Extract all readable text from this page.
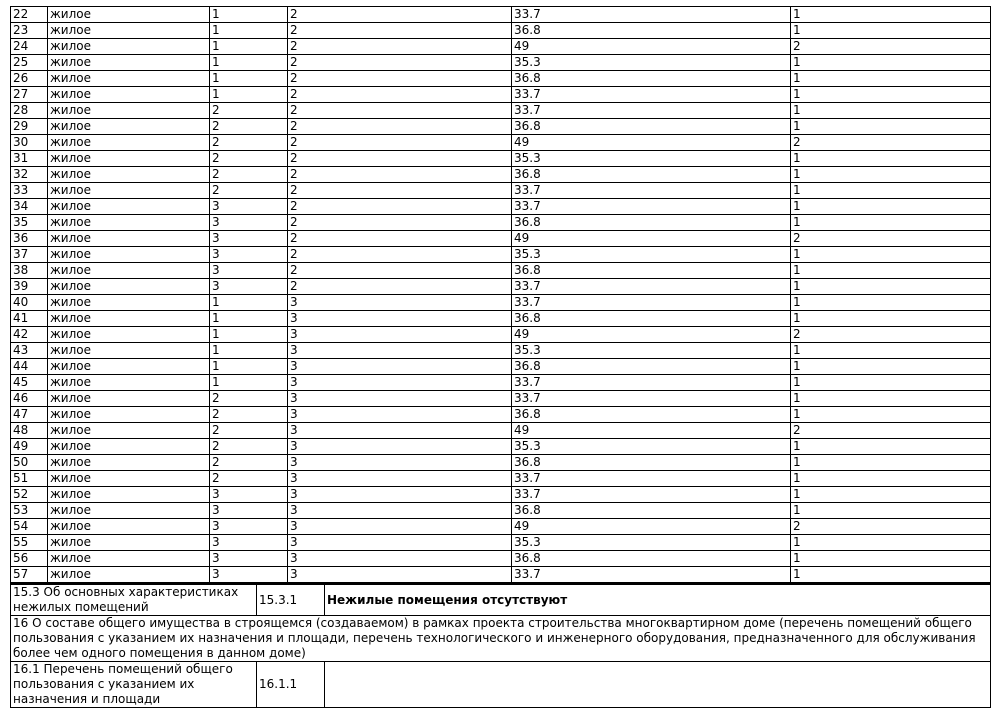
22	жилое	1	2	33.7	1
23	жилое	1	2	36.8	1
24	жилое	1	2	49	2
25	жилое	1	2	35.3	1
26	жилое	1	2	36.8	1
27	жилое	1	2	33.7	1
28	жилое	2	2	33.7	1
29	жилое	2	2	36.8	1
30	жилое	2	2	49	2
31	жилое	2	2	35.3	1
32	жилое	2	2	36.8	1
33	жилое	2	2	33.7	1
34	жилое	3	2	33.7	1
35	жилое	3	2	36.8	1
36	жилое	3	2	49	2
37	жилое	3	2	35.3	1
38	жилое	3	2	36.8	1
39	жилое	3	2	33.7	1
40	жилое	1	3	33.7	1
41	жилое	1	3	36.8	1
42	жилое	1	3	49	2
43	жилое	1	3	35.3	1
44	жилое	1	3	36.8	1
45	жилое	1	3	33.7	1
46	жилое	2	3	33.7	1
47	жилое	2	3	36.8	1
48	жилое	2	3	49	2
49	жилое	2	3	35.3	1
50	жилое	2	3	36.8	1
51	жилое	2	3	33.7	1
52	жилое	3	3	33.7	1
53	жилое	3	3	36.8	1
54	жилое	3	3	49	2
55	жилое	3	3	35.3	1
56	жилое	3	3	36.8	1
57	жилое	3	3	33.7	1
15.3 Об основных характеристиках нежилых помещений	15.3.1	Нежилые помещения отсутствуют
16 О составе общего имущества в строящемся (создаваемом) в рамках проекта строительства многоквартирном доме (перечень помещений общего пользования с указанием их назначения и площади, перечень технологического и инженерного оборудования, предназначенного для обслуживания более чем одного помещения в данном доме)		
16.1 Перечень помещений общего пользования с указанием их назначения и площади	16.1.1	
